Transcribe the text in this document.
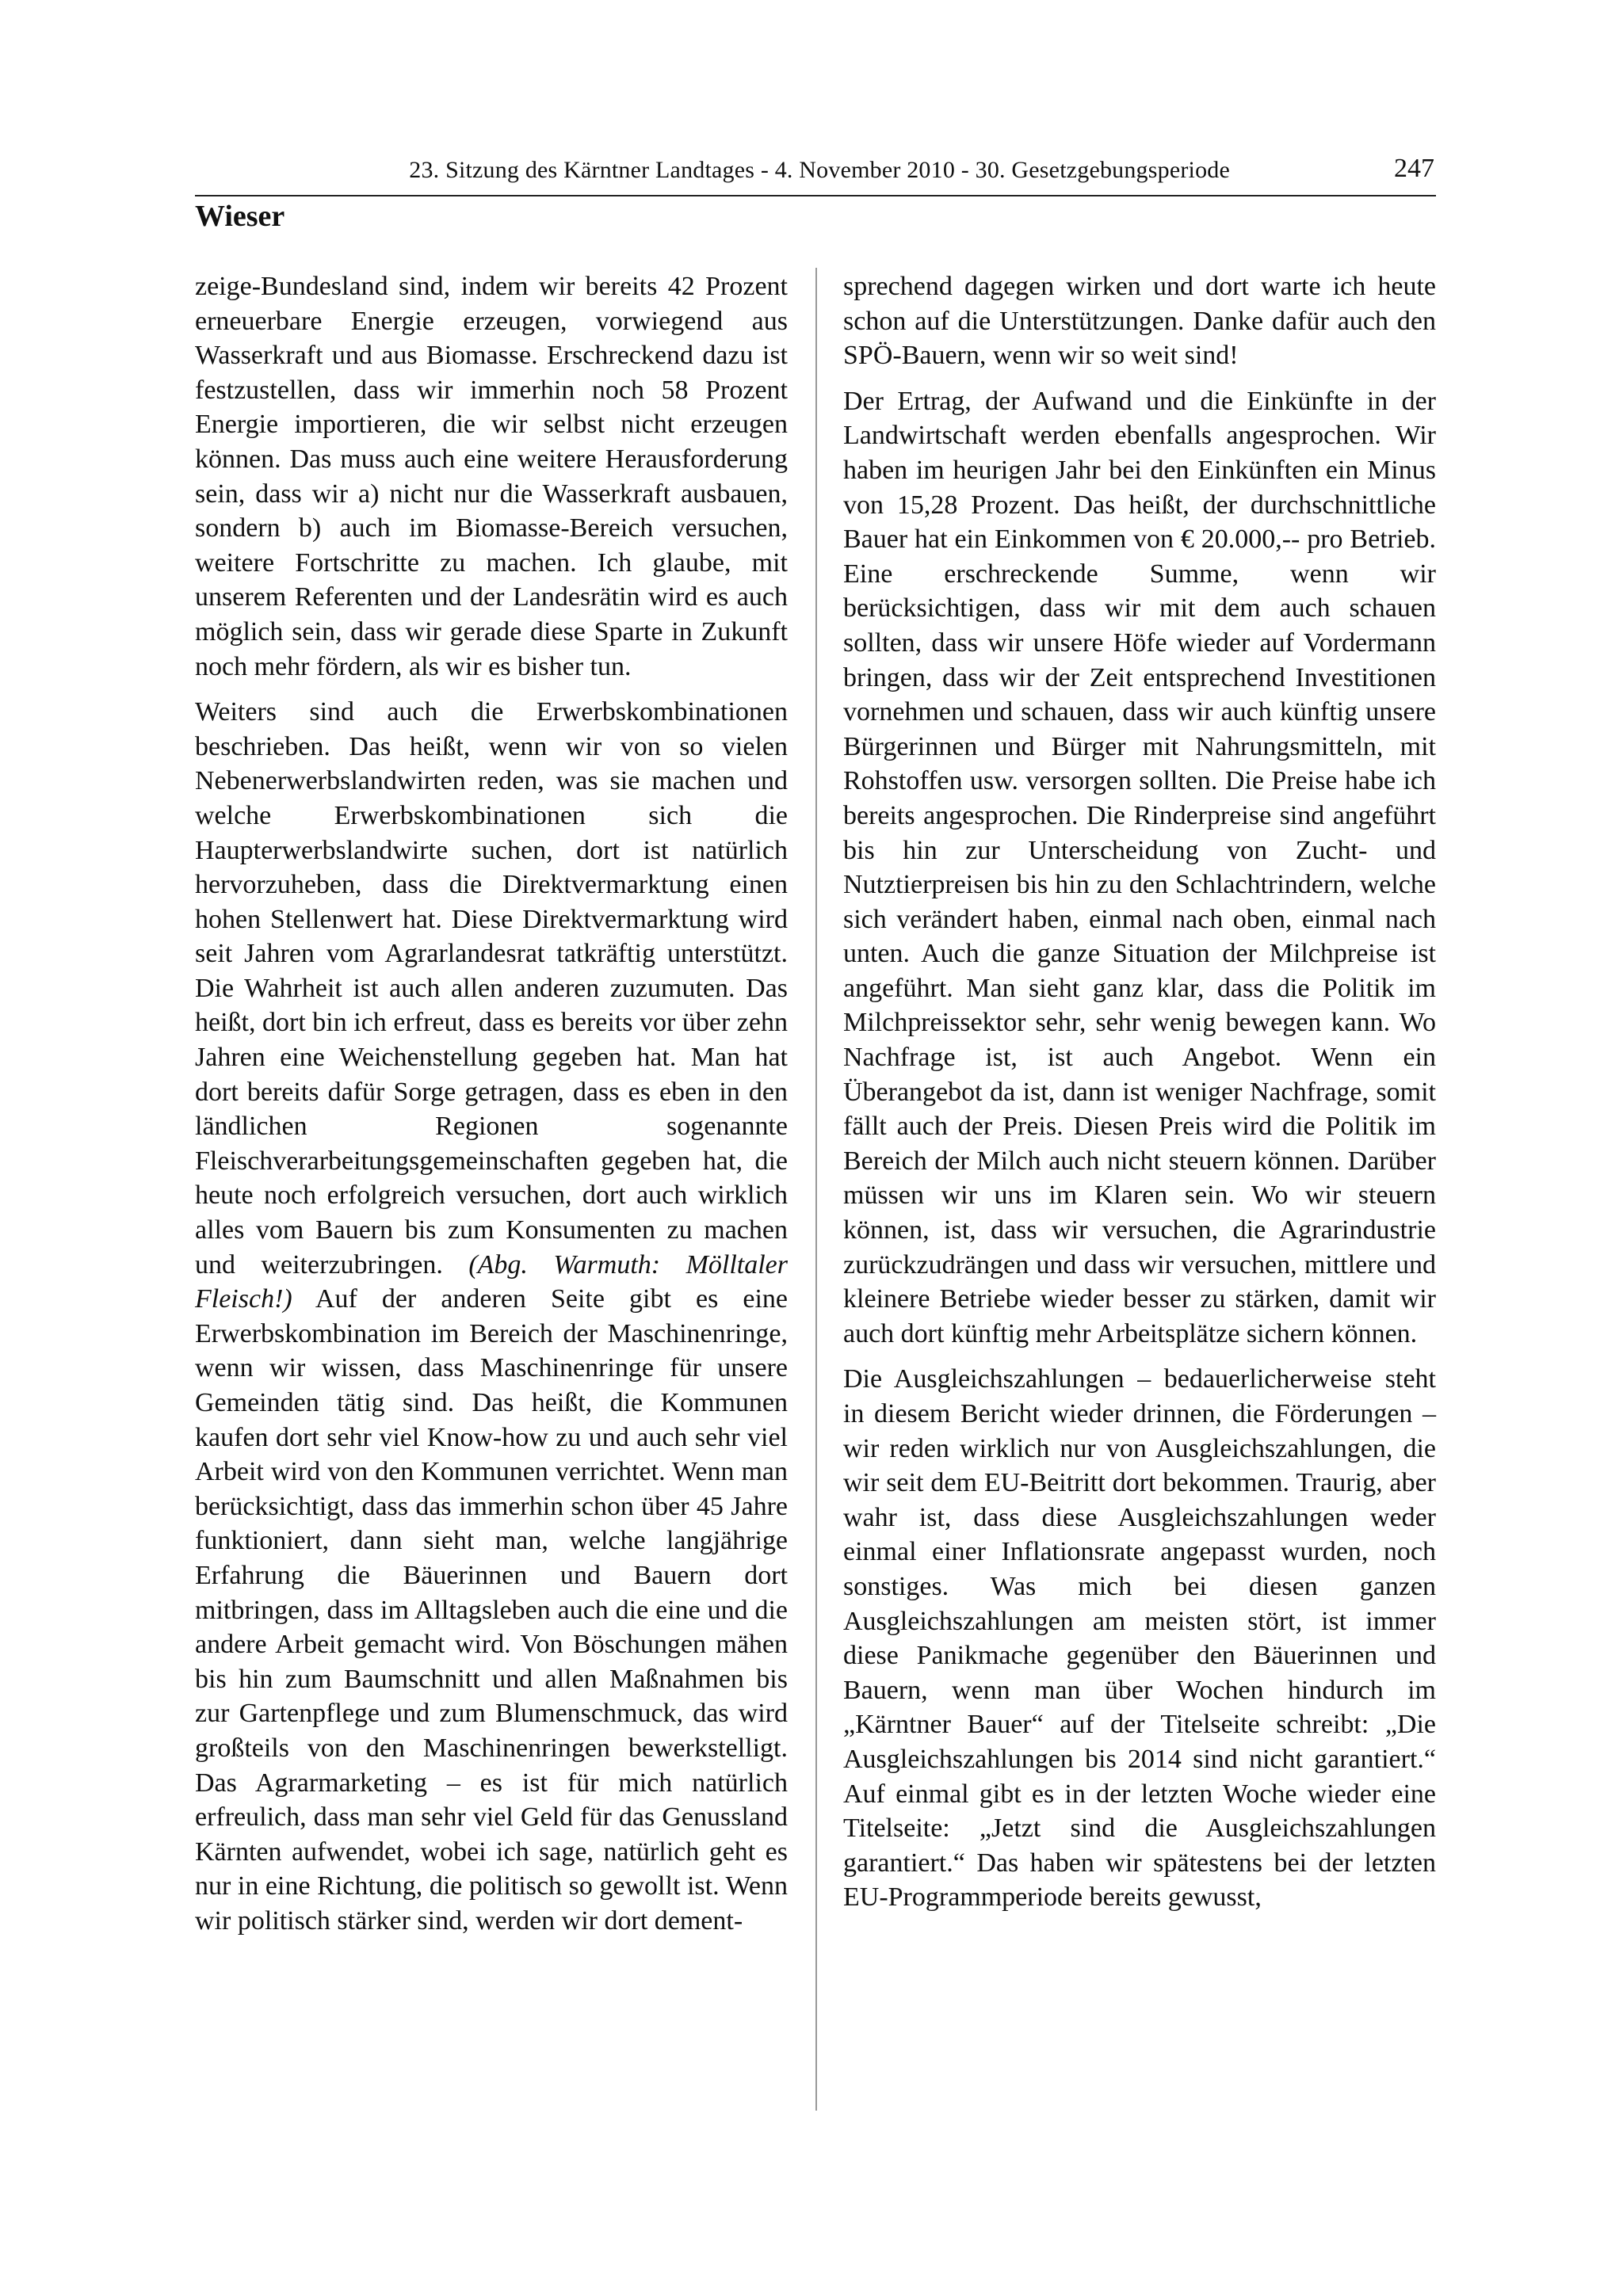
23. Sitzung des Kärntner Landtages - 4. November 2010 - 30. Gesetzgebungsperiode	247
Wieser

zeige-Bundesland sind, indem wir bereits 42 Prozent erneuerbare Energie erzeugen, vorwiegend aus Wasserkraft und aus Biomasse. Erschreckend dazu ist festzustellen, dass wir immerhin noch 58 Prozent Energie importieren, die wir selbst nicht erzeugen können. Das muss auch eine weitere Herausforderung sein, dass wir a) nicht nur die Wasserkraft ausbauen, sondern b) auch im Biomasse-Bereich versuchen, weitere Fortschritte zu machen. Ich glaube, mit unserem Referenten und der Landesrätin wird es auch möglich sein, dass wir gerade diese Sparte in Zukunft noch mehr fördern, als wir es bisher tun.

Weiters sind auch die Erwerbskombinationen beschrieben. Das heißt, wenn wir von so vielen Nebenerwerbslandwirten reden, was sie machen und welche Erwerbskombinationen sich die Haupterwerbslandwirte suchen, dort ist natürlich hervorzuheben, dass die Direktvermarktung einen hohen Stellenwert hat. Diese Direktvermarktung wird seit Jahren vom Agrarlandesrat tatkräftig unterstützt. Die Wahrheit ist auch allen anderen zuzumuten. Das heißt, dort bin ich erfreut, dass es bereits vor über zehn Jahren eine Weichenstellung gegeben hat. Man hat dort bereits dafür Sorge getragen, dass es eben in den ländlichen Regionen sogenannte Fleischverarbeitungsgemeinschaften gegeben hat, die heute noch erfolgreich versuchen, dort auch wirklich alles vom Bauern bis zum Konsumenten zu machen und weiterzubringen. (Abg. Warmuth: Mölltaler Fleisch!) Auf der anderen Seite gibt es eine Erwerbskombination im Bereich der Maschinenringe, wenn wir wissen, dass Maschinenringe für unsere Gemeinden tätig sind. Das heißt, die Kommunen kaufen dort sehr viel Know-how zu und auch sehr viel Arbeit wird von den Kommunen verrichtet. Wenn man berücksichtigt, dass das immerhin schon über 45 Jahre funktioniert, dann sieht man, welche langjährige Erfahrung die Bäuerinnen und Bauern dort mitbringen, dass im Alltagsleben auch die eine und die andere Arbeit gemacht wird. Von Böschungen mähen bis hin zum Baumschnitt und allen Maßnahmen bis zur Gartenpflege und zum Blumenschmuck, das wird großteils von den Maschinenringen bewerkstelligt. Das Agrarmarketing – es ist für mich natürlich erfreulich, dass man sehr viel Geld für das Genussland Kärnten aufwendet, wobei ich sage, natürlich geht es nur in eine Richtung, die politisch so gewollt ist. Wenn wir politisch stärker sind, werden wir dort dement-

sprechend dagegen wirken und dort warte ich heute schon auf die Unterstützungen. Danke dafür auch den SPÖ-Bauern, wenn wir so weit sind!

Der Ertrag, der Aufwand und die Einkünfte in der Landwirtschaft werden ebenfalls angesprochen. Wir haben im heurigen Jahr bei den Einkünften ein Minus von 15,28 Prozent. Das heißt, der durchschnittliche Bauer hat ein Einkommen von € 20.000,-- pro Betrieb. Eine erschreckende Summe, wenn wir berücksichtigen, dass wir mit dem auch schauen sollten, dass wir unsere Höfe wieder auf Vordermann bringen, dass wir der Zeit entsprechend Investitionen vornehmen und schauen, dass wir auch künftig unsere Bürgerinnen und Bürger mit Nahrungsmitteln, mit Rohstoffen usw. versorgen sollten. Die Preise habe ich bereits angesprochen. Die Rinderpreise sind angeführt bis hin zur Unterscheidung von Zucht- und Nutztierpreisen bis hin zu den Schlachtrindern, welche sich verändert haben, einmal nach oben, einmal nach unten. Auch die ganze Situation der Milchpreise ist angeführt. Man sieht ganz klar, dass die Politik im Milchpreissektor sehr, sehr wenig bewegen kann. Wo Nachfrage ist, ist auch Angebot. Wenn ein Überangebot da ist, dann ist weniger Nachfrage, somit fällt auch der Preis. Diesen Preis wird die Politik im Bereich der Milch auch nicht steuern können. Darüber müssen wir uns im Klaren sein. Wo wir steuern können, ist, dass wir versuchen, die Agrarindustrie zurückzudrängen und dass wir versuchen, mittlere und kleinere Betriebe wieder besser zu stärken, damit wir auch dort künftig mehr Arbeitsplätze sichern können.

Die Ausgleichszahlungen – bedauerlicherweise steht in diesem Bericht wieder drinnen, die Förderungen – wir reden wirklich nur von Ausgleichszahlungen, die wir seit dem EU-Beitritt dort bekommen. Traurig, aber wahr ist, dass diese Ausgleichszahlungen weder einmal einer Inflationsrate angepasst wurden, noch sonstiges. Was mich bei diesen ganzen Ausgleichszahlungen am meisten stört, ist immer diese Panikmache gegenüber den Bäuerinnen und Bauern, wenn man über Wochen hindurch im „Kärntner Bauer“ auf der Titelseite schreibt: „Die Ausgleichszahlungen bis 2014 sind nicht garantiert.“ Auf einmal gibt es in der letzten Woche wieder eine Titelseite: „Jetzt sind die Ausgleichszahlungen garantiert.“ Das haben wir spätestens bei der letzten EU-Programmperiode bereits gewusst,
